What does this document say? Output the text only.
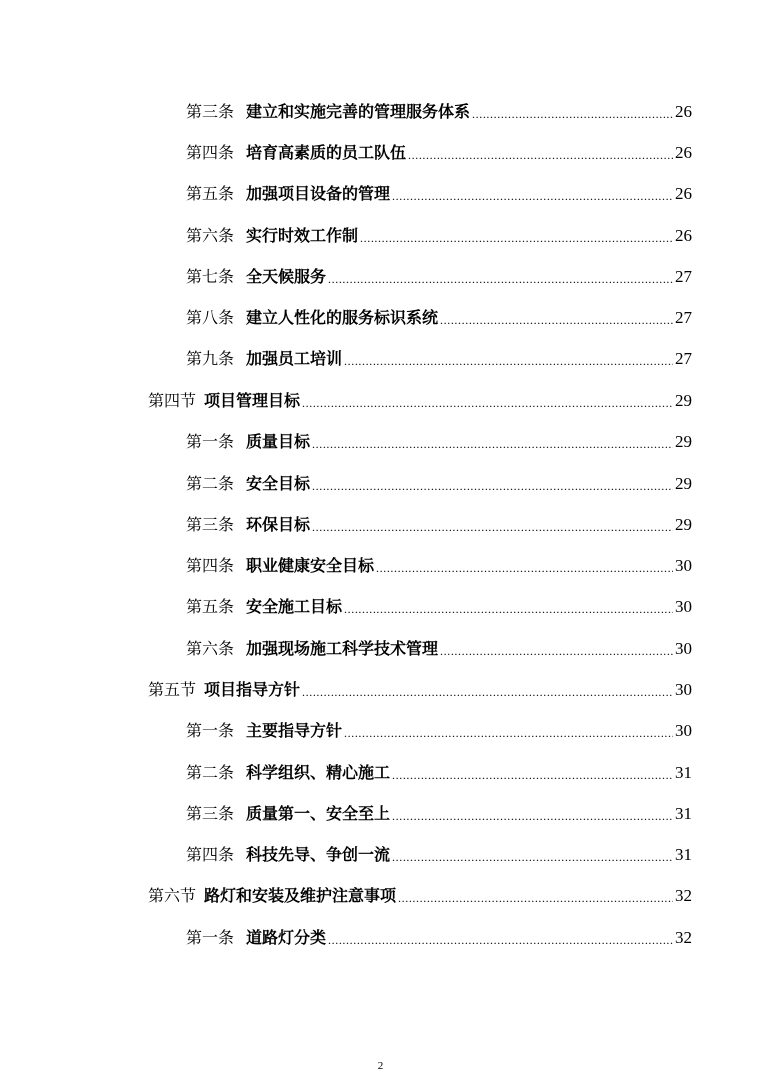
第三条 建立和实施完善的管理服务体系 .....	26
第四条 培育高素质的员工队伍 .....	26
第五条 加强项目设备的管理 .....	26
第六条 实行时效工作制 .....	26
第七条 全天候服务 .....	27
第八条 建立人性化的服务标识系统 .....	27
第九条 加强员工培训 .....	27
第四节 项目管理目标 .....	29
第一条 质量目标 .....	29
第二条 安全目标 .....	29
第三条 环保目标 .....	29
第四条 职业健康安全目标 .....	30
第五条 安全施工目标 .....	30
第六条 加强现场施工科学技术管理 .....	30
第五节 项目指导方针 .....	30
第一条 主要指导方针 .....	30
第二条 科学组织、精心施工 .....	31
第三条 质量第一、安全至上 .....	31
第四条 科技先导、争创一流 .....	31
第六节 路灯和安装及维护注意事项 .....	32
第一条 道路灯分类 .....	32
2
